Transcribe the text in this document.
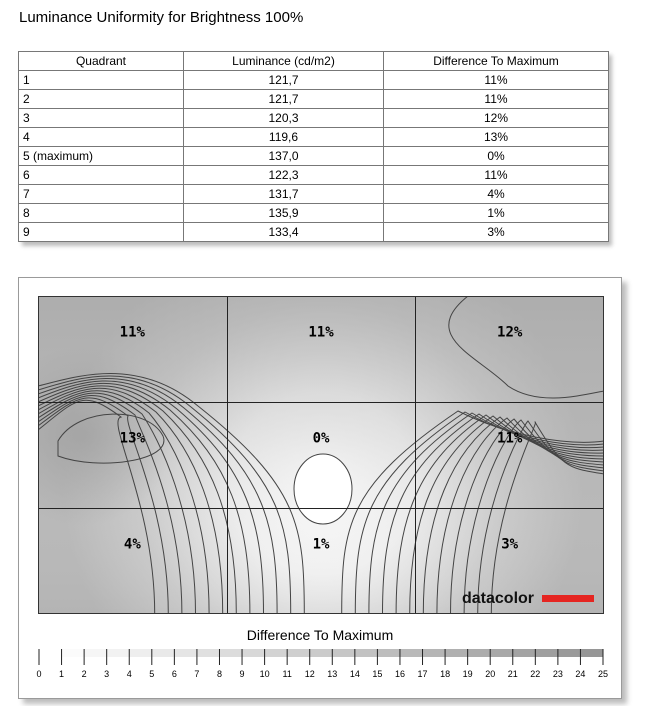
Luminance Uniformity for Brightness 100%
Quadrant	Luminance (cd/m2)	Difference To Maximum
1	121,7	11%
2	121,7	11%
3	120,3	12%
4	119,6	13%
5 (maximum)	137,0	0%
6	122,3	11%
7	131,7	4%
8	135,9	1%
9	133,4	3%
11%	11%	12%
13%	0%	11%
4%	1%	3%
datacolor
Difference To Maximum
0 1 2 3 4 5 6 7 8 9 10 11 12 13 14 15 16 17 18 19 20 21 22 23 24 25
